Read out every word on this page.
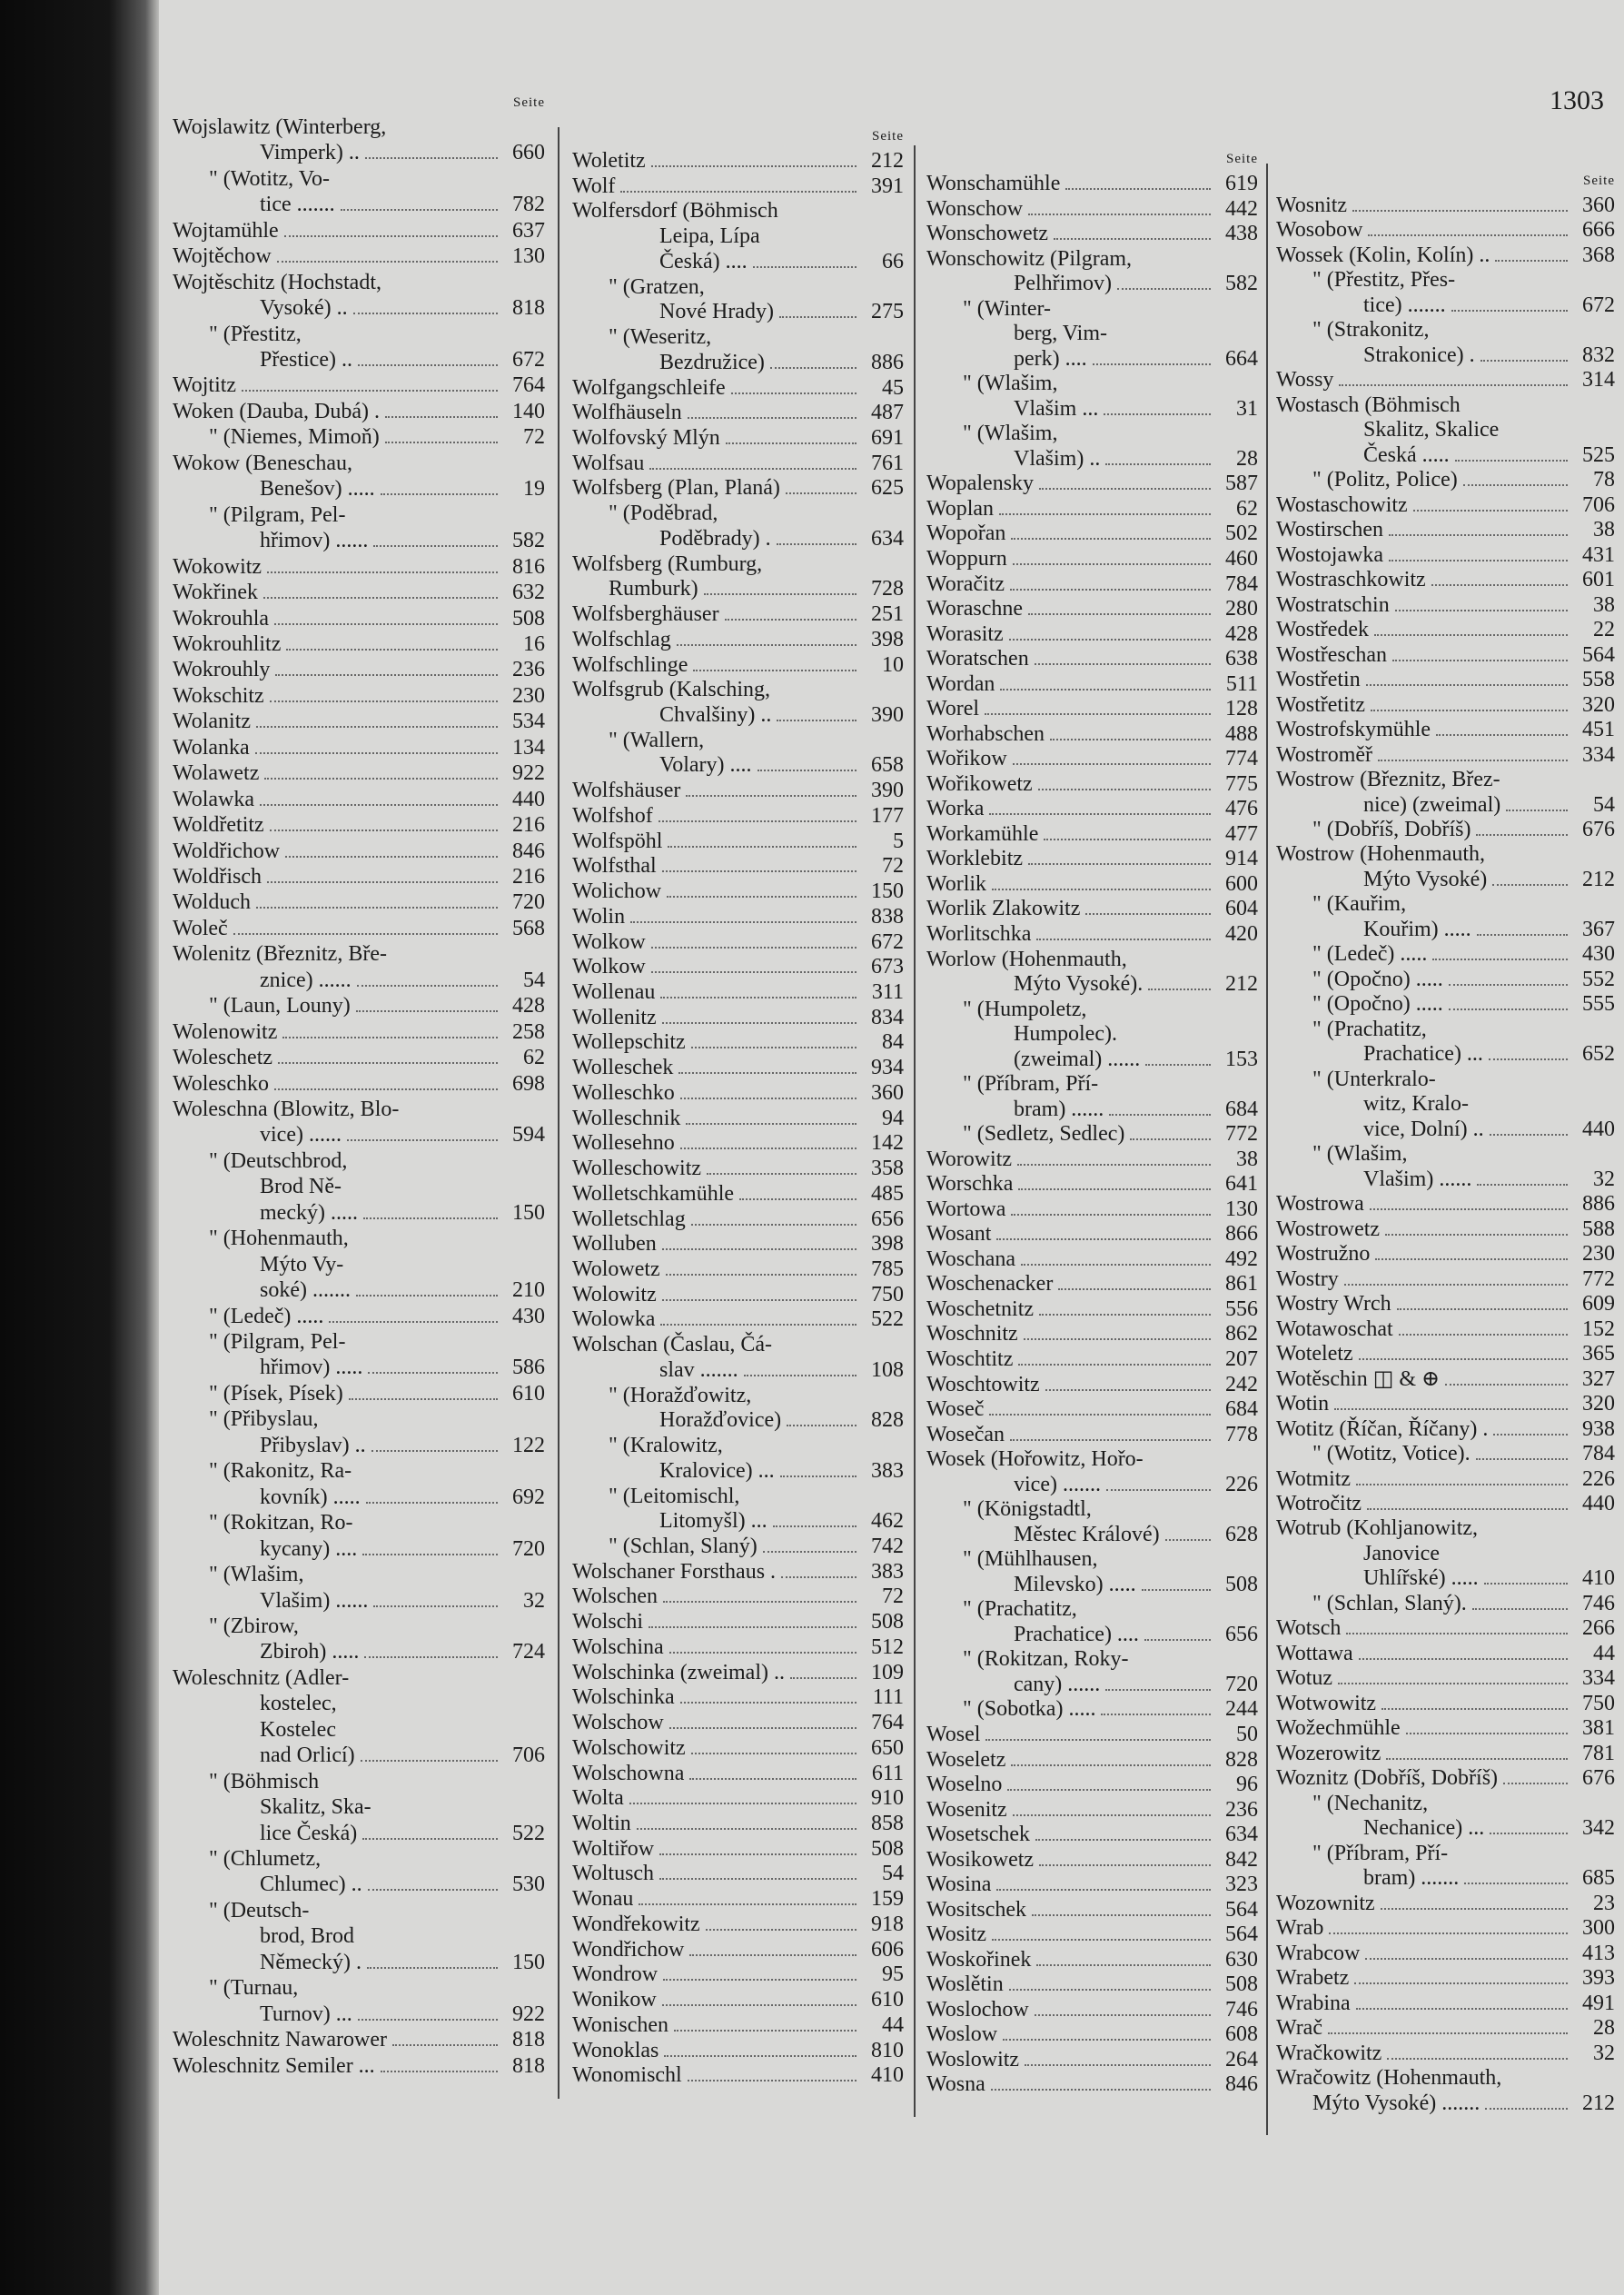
1303
Seite
Wojslawitz (Winterberg,
Vimperk) ..	660
" (Wotitz, Vo-
tice .......	782
Wojtamühle	637
Wojtěchow	130
Wojtěschitz (Hochstadt,
Vysoké) ..	818
" (Přestitz,
Přestice) ..	672
Wojtitz	764
Woken (Dauba, Dubá) .	140
" (Niemes, Mimoň)	72
Wokow (Beneschau,
Benešov) .....	19
" (Pilgram, Pel-
hřimov) ......	582
Wokowitz	816
Wokřinek	632
Wokrouhla	508
Wokrouhlitz	16
Wokrouhly	236
Wokschitz	230
Wolanitz	534
Wolanka	134
Wolawetz	922
Wolawka	440
Woldřetitz	216
Woldřichow	846
Woldřisch	216
Wolduch	720
Woleč	568
Wolenitz (Březnitz, Bře-
znice) ......	54
" (Laun, Louny)	428
Wolenowitz	258
Woleschetz	62
Woleschko	698
Woleschna (Blowitz, Blo-
vice) ......	594
" (Deutschbrod,
Brod Ně-
mecký) .....	150
" (Hohenmauth,
Mýto Vy-
soké) .......	210
" (Ledeč) .....	430
" (Pilgram, Pel-
hřimov) .....	586
" (Písek, Písek)	610
" (Přibyslau,
Přibyslav) ..	122
" (Rakonitz, Ra-
kovník) .....	692
" (Rokitzan, Ro-
kycany) ....	720
" (Wlašim,
Vlašim) ......	32
" (Zbirow,
Zbiroh) .....	724
Woleschnitz (Adler-
kostelec,
Kostelec
nad Orlicí)	706
" (Böhmisch
Skalitz, Ska-
lice Česká)	522
" (Chlumetz,
Chlumec) ..	530
" (Deutsch-
brod, Brod
Německý) .	150
" (Turnau,
Turnov) ...	922
Woleschnitz Nawarower	818
Woleschnitz Semiler ...	818
Seite
Woletitz	212
Wolf	391
Wolfersdorf (Böhmisch
Leipa, Lípa
Česká) ....	66
" (Gratzen,
Nové Hrady)	275
" (Weseritz,
Bezdružice)	886
Wolfgangschleife	45
Wolfhäuseln	487
Wolfovský Mlýn	691
Wolfsau	761
Wolfsberg (Plan, Planá)	625
" (Poděbrad,
Poděbrady) .	634
Wolfsberg (Rumburg,
Rumburk)	728
Wolfsberghäuser	251
Wolfschlag	398
Wolfschlinge	10
Wolfsgrub (Kalsching,
Chvalšiny) ..	390
" (Wallern,
Volary) ....	658
Wolfshäuser	390
Wolfshof	177
Wolfspöhl	5
Wolfsthal	72
Wolichow	150
Wolin	838
Wolkow	672
Wolkow	673
Wollenau	311
Wollenitz	834
Wollepschitz	84
Wolleschek	934
Wolleschko	360
Wolleschnik	94
Wollesehno	142
Wolleschowitz	358
Wolletschkamühle	485
Wolletschlag	656
Wolluben	398
Wolowetz	785
Wolowitz	750
Wolowka	522
Wolschan (Časlau, Čá-
slav .......	108
" (Horažďowitz,
Horažďovice)	828
" (Kralowitz,
Kralovice) ...	383
" (Leitomischl,
Litomyšl) ...	462
" (Schlan, Slaný)	742
Wolschaner Forsthaus .	383
Wolschen	72
Wolschi	508
Wolschina	512
Wolschinka (zweimal) ..	109
Wolschinka	111
Wolschow	764
Wolschowitz	650
Wolschowna	611
Wolta	910
Woltin	858
Woltiřow	508
Woltusch	54
Wonau	159
Wondřekowitz	918
Wondřichow	606
Wondrow	95
Wonikow	610
Wonischen	44
Wonoklas	810
Wonomischl	410
Seite
Wonschamühle	619
Wonschow	442
Wonschowetz	438
Wonschowitz (Pilgram,
Pelhřimov)	582
" (Winter-
berg, Vim-
perk) ....	664
" (Wlašim,
Vlašim ...	31
" (Wlašim,
Vlašim) ..	28
Wopalensky	587
Woplan	62
Wopořan	502
Woppurn	460
Woračitz	784
Woraschne	280
Worasitz	428
Woratschen	638
Wordan	511
Worel	128
Worhabschen	488
Wořikow	774
Wořikowetz	775
Worka	476
Workamühle	477
Worklebitz	914
Worlik	600
Worlik Zlakowitz	604
Worlitschka	420
Worlow (Hohenmauth,
Mýto Vysoké).	212
" (Humpoletz,
Humpolec).
(zweimal) ......	153
" (Příbram, Pří-
bram) ......	684
" (Sedletz, Sedlec)	772
Worowitz	38
Worschka	641
Wortowa	130
Wosant	866
Woschana	492
Woschenacker	861
Woschetnitz	556
Woschnitz	862
Woschtitz	207
Woschtowitz	242
Woseč	684
Wosečan	778
Wosek (Hořowitz, Hořo-
vice) .......	226
" (Königstadtl,
Městec Králové)	628
" (Mühlhausen,
Milevsko) .....	508
" (Prachatitz,
Prachatice) ....	656
" (Rokitzan, Roky-
cany) ......	720
" (Sobotka) .....	244
Wosel	50
Woseletz	828
Woselno	96
Wosenitz	236
Wosetschek	634
Wosikowetz	842
Wosina	323
Wositschek	564
Wositz	564
Woskořinek	630
Woslětin	508
Woslochow	746
Woslow	608
Woslowitz	264
Wosna	846
Seite
Wosnitz	360
Wosobow	666
Wossek (Kolin, Kolín) ..	368
" (Přestitz, Přes-
tice) .......	672
" (Strakonitz,
Strakonice) .	832
Wossy	314
Wostasch (Böhmisch
Skalitz, Skalice
Česká .....	525
" (Politz, Police)	78
Wostaschowitz	706
Wostirschen	38
Wostojawka	431
Wostraschkowitz	601
Wostratschin	38
Wostředek	22
Wostřeschan	564
Wostřetin	558
Wostřetitz	320
Wostrofskymühle	451
Wostroměř	334
Wostrow (Březnitz, Břez-
nice) (zweimal)	54
" (Dobříš, Dobříš)	676
Wostrow (Hohenmauth,
Mýto Vysoké)	212
" (Kauřim,
Kouřim) .....	367
" (Ledeč) .....	430
" (Opočno) .....	552
" (Opočno) .....	555
" (Prachatitz,
Prachatice) ...	652
" (Unterkralo-
witz, Kralo-
vice, Dolní) ..	440
" (Wlašim,
Vlašim) ......	32
Wostrowa	886
Wostrowetz	588
Wostružno	230
Wostry	772
Wostry Wrch	609
Wotawoschat	152
Woteletz	365
Wotěschin ◫ & ⊕	327
Wotin	320
Wotitz (Říčan, Říčany) .	938
" (Wotitz, Votice).	784
Wotmitz	226
Wotročitz	440
Wotrub (Kohljanowitz,
Janovice
Uhlířské) .....	410
" (Schlan, Slaný).	746
Wotsch	266
Wottawa	44
Wotuz	334
Wotwowitz	750
Wožechmühle	381
Wozerowitz	781
Woznitz (Dobříš, Dobříš)	676
" (Nechanitz,
Nechanice) ...	342
" (Příbram, Pří-
bram) .......	685
Wozownitz	23
Wrab	300
Wrabcow	413
Wrabetz	393
Wrabina	491
Wrač	28
Wračkowitz	32
Wračowitz (Hohenmauth,
Mýto Vysoké) .......	212
